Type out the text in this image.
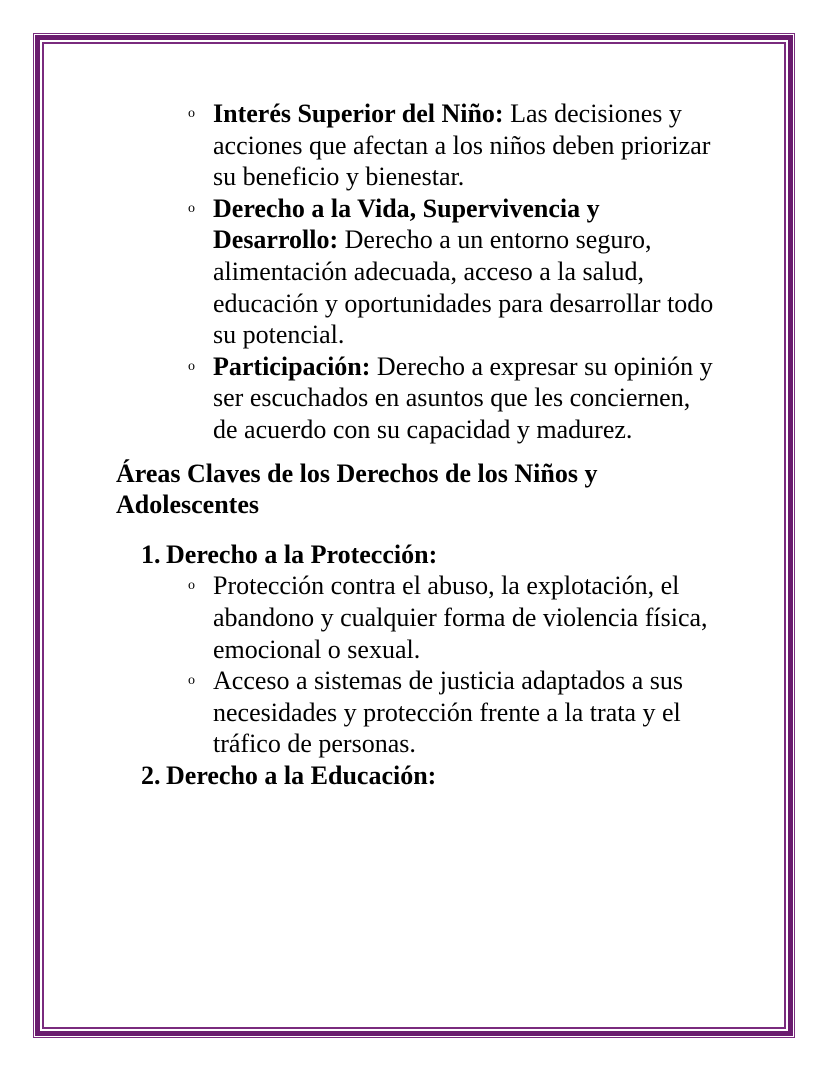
o Interés Superior del Niño: Las decisiones y acciones que afectan a los niños deben priorizar su beneficio y bienestar.
o Derecho a la Vida, Supervivencia y Desarrollo: Derecho a un entorno seguro, alimentación adecuada, acceso a la salud, educación y oportunidades para desarrollar todo su potencial.
o Participación: Derecho a expresar su opinión y ser escuchados en asuntos que les conciernen, de acuerdo con su capacidad y madurez.
Áreas Claves de los Derechos de los Niños y Adolescentes
1. Derecho a la Protección:
o Protección contra el abuso, la explotación, el abandono y cualquier forma de violencia física, emocional o sexual.
o Acceso a sistemas de justicia adaptados a sus necesidades y protección frente a la trata y el tráfico de personas.
2. Derecho a la Educación:
